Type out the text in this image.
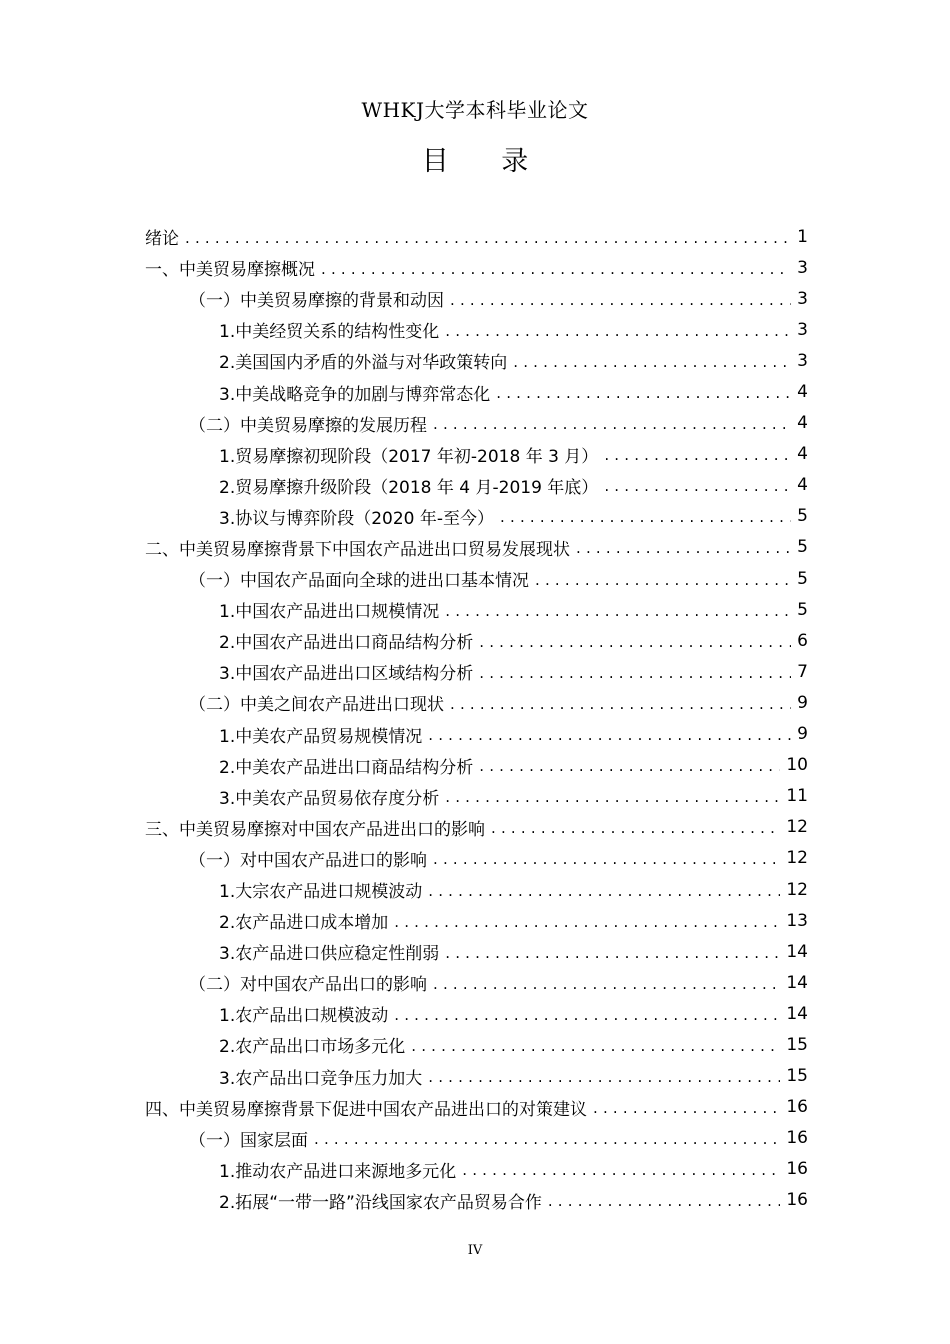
WHKJ大学本科毕业论文
目 录
绪论 .....	1
一、中美贸易摩擦概况 .....	3
（一）中美贸易摩擦的背景和动因 .....	3
1.中美经贸关系的结构性变化 .....	3
2.美国国内矛盾的外溢与对华政策转向 .....	3
3.中美战略竞争的加剧与博弈常态化 .....	4
（二）中美贸易摩擦的发展历程 .....	4
1.贸易摩擦初现阶段（2017 年初-2018 年 3 月） .....	4
2.贸易摩擦升级阶段（2018 年 4 月-2019 年底） .....	4
3.协议与博弈阶段（2020 年-至今） .....	5
二、中美贸易摩擦背景下中国农产品进出口贸易发展现状 .....	5
（一）中国农产品面向全球的进出口基本情况 .....	5
1.中国农产品进出口规模情况 .....	5
2.中国农产品进出口商品结构分析 .....	6
3.中国农产品进出口区域结构分析 .....	7
（二）中美之间农产品进出口现状 .....	9
1.中美农产品贸易规模情况 .....	9
2.中美农产品进出口商品结构分析 .....	10
3.中美农产品贸易依存度分析 .....	11
三、中美贸易摩擦对中国农产品进出口的影响 .....	12
（一）对中国农产品进口的影响 .....	12
1.大宗农产品进口规模波动 .....	12
2.农产品进口成本增加 .....	13
3.农产品进口供应稳定性削弱 .....	14
（二）对中国农产品出口的影响 .....	14
1.农产品出口规模波动 .....	14
2.农产品出口市场多元化 .....	15
3.农产品出口竞争压力加大 .....	15
四、中美贸易摩擦背景下促进中国农产品进出口的对策建议 .....	16
（一）国家层面 .....	16
1.推动农产品进口来源地多元化 .....	16
2.拓展“一带一路”沿线国家农产品贸易合作 .....	16
IV
